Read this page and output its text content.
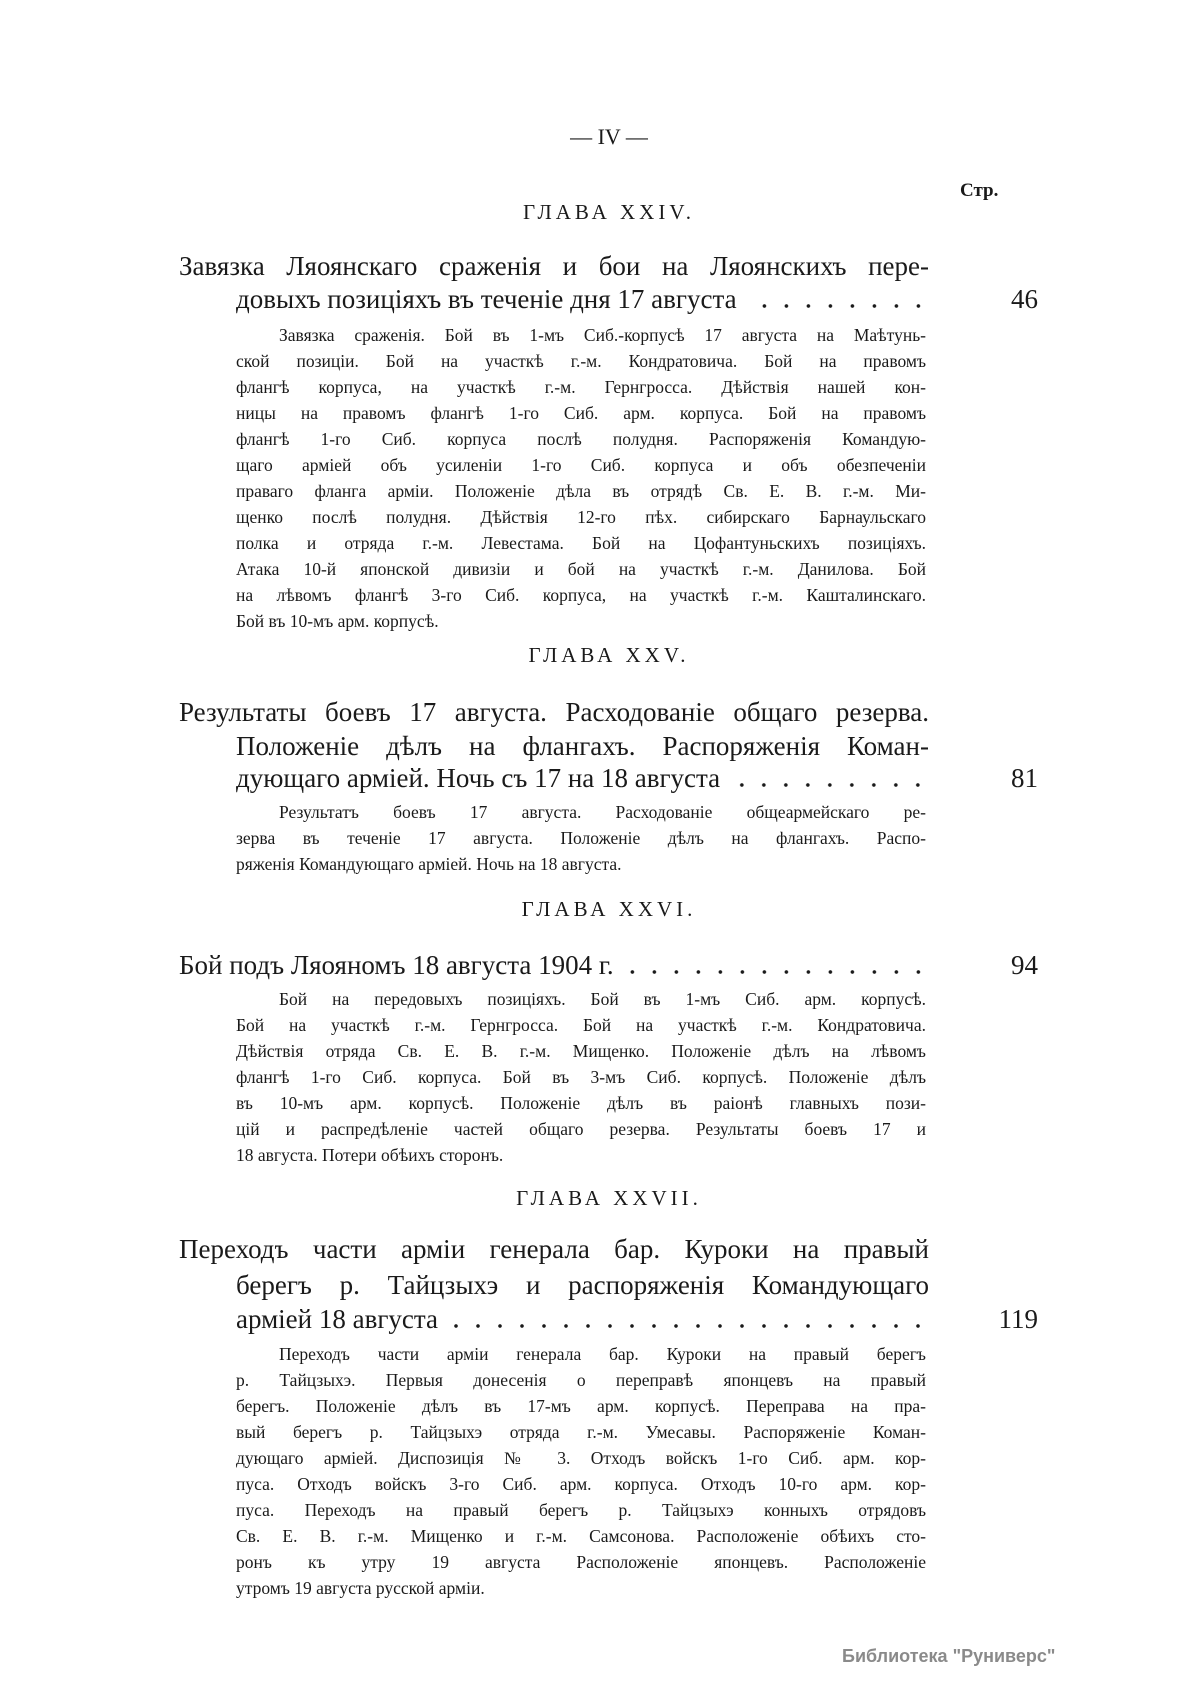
— IV —
Стр.
ГЛАВА XXIV.
Завязка Ляоянскаго сраженія и бои на Ляоянскихъ пере-
довыхъ позиціяхъ въ теченіе дня 17 августа	46
Завязка сраженія. Бой въ 1-мъ Сиб.-корпусѣ 17 августа на Маѣтунь-
ской позиціи. Бой на участкѣ г.-м. Кондратовича. Бой на правомъ
флангѣ корпуса, на участкѣ г.-м. Гернгросса. Дѣйствія нашей кон-
ницы на правомъ флангѣ 1-го Сиб. арм. корпуса. Бой на правомъ
флангѣ 1-го Сиб. корпуса послѣ полудня. Распоряженія Командую-
щаго арміей объ усиленіи 1-го Сиб. корпуса и объ обезпеченіи
праваго фланга арміи. Положеніе дѣла въ отрядѣ Св. Е. В. г.-м. Ми-
щенко послѣ полудня. Дѣйствія 12-го пѣх. сибирскаго Барнаульскаго
полка и отряда г.-м. Левестама. Бой на Цофантуньскихъ позиціяхъ.
Атака 10-й японской дивизіи и бой на участкѣ г.-м. Данилова. Бой
на лѣвомъ флангѣ 3-го Сиб. корпуса, на участкѣ г.-м. Кашталинскаго.
Бой въ 10-мъ арм. корпусѣ.
ГЛАВА XXV.
Результаты боевъ 17 августа. Расходованіе общаго резерва.
Положеніе дѣлъ на флангахъ. Распоряженія Коман-
дующаго арміей. Ночь съ 17 на 18 августа	81
Результатъ боевъ 17 августа. Расходованіе общеармейскаго ре-
зерва въ теченіе 17 августа. Положеніе дѣлъ на флангахъ. Распо-
ряженія Командующаго арміей. Ночь на 18 августа.
ГЛАВА XXVI.
Бой подъ Ляояномъ 18 августа 1904 г.	94
Бой на передовыхъ позиціяхъ. Бой въ 1-мъ Сиб. арм. корпусѣ.
Бой на участкѣ г.-м. Гернгросса. Бой на участкѣ г.-м. Кондратовича.
Дѣйствія отряда Св. Е. В. г.-м. Мищенко. Положеніе дѣлъ на лѣвомъ
флангѣ 1-го Сиб. корпуса. Бой въ 3-мъ Сиб. корпусѣ. Положеніе дѣлъ
въ 10-мъ арм. корпусѣ. Положеніе дѣлъ въ раіонѣ главныхъ пози-
цій и распредѣленіе частей общаго резерва. Результаты боевъ 17 и
18 августа. Потери обѣихъ сторонъ.
ГЛАВА XXVII.
Переходъ части арміи генерала бар. Куроки на правый
берегъ р. Тайцзыхэ и распоряженія Командующаго
арміей 18 августа	119
Переходъ части арміи генерала бар. Куроки на правый берегъ
р. Тайцзыхэ. Первыя донесенія о переправѣ японцевъ на правый
берегъ. Положеніе дѣлъ въ 17-мъ арм. корпусѣ. Переправа на пра-
вый берегъ р. Тайцзыхэ отряда г.-м. Умесавы. Распоряженіе Коман-
дующаго арміей. Диспозиція № 3. Отходъ войскъ 1-го Сиб. арм. кор-
пуса. Отходъ войскъ 3-го Сиб. арм. корпуса. Отходъ 10-го арм. кор-
пуса. Переходъ на правый берегъ р. Тайцзыхэ конныхъ отрядовъ
Св. Е. В. г.-м. Мищенко и г.-м. Самсонова. Расположеніе обѣихъ сто-
ронъ къ утру 19 августа Расположеніе японцевъ. Расположеніе
утромъ 19 августа русской арміи.
Библиотека "Руниверс"
